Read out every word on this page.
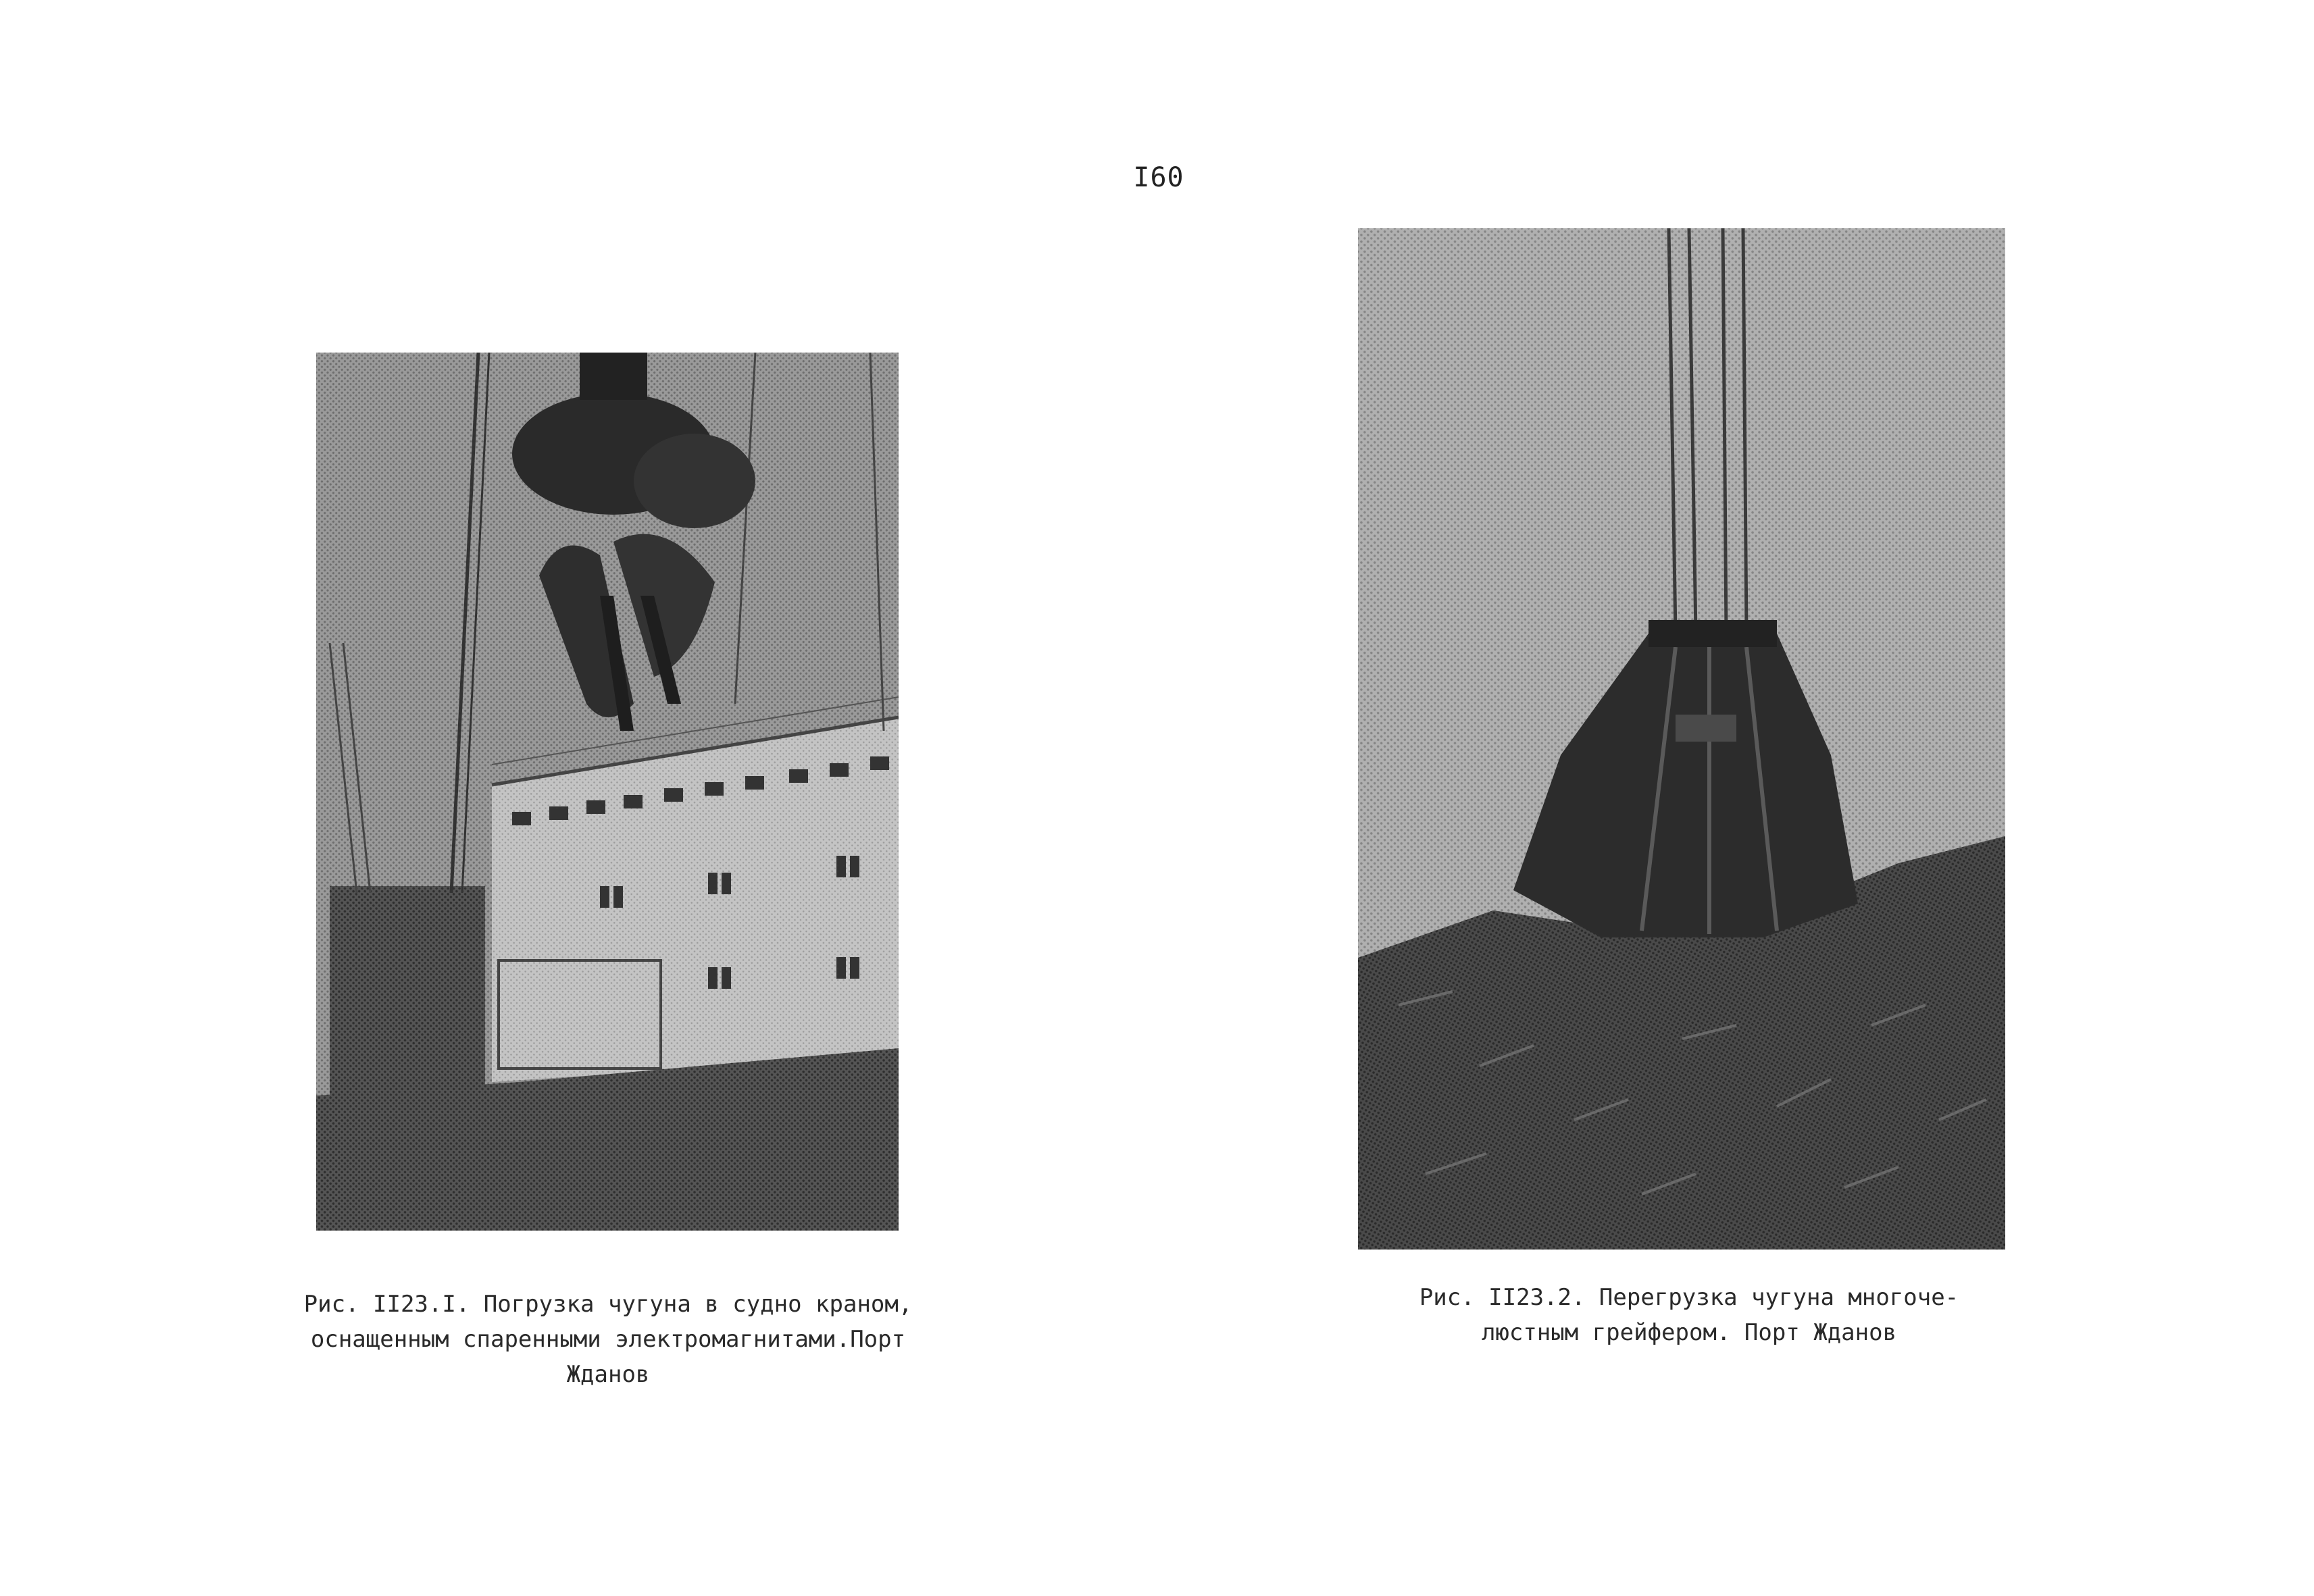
I60
Рис. II23.I. Погрузка чугуна в судно краном,
оснащенным спаренными электромагнитами.Порт
Жданов
Рис. II23.2. Перегрузка чугуна многоче-
люстным грейфером. Порт Жданов
